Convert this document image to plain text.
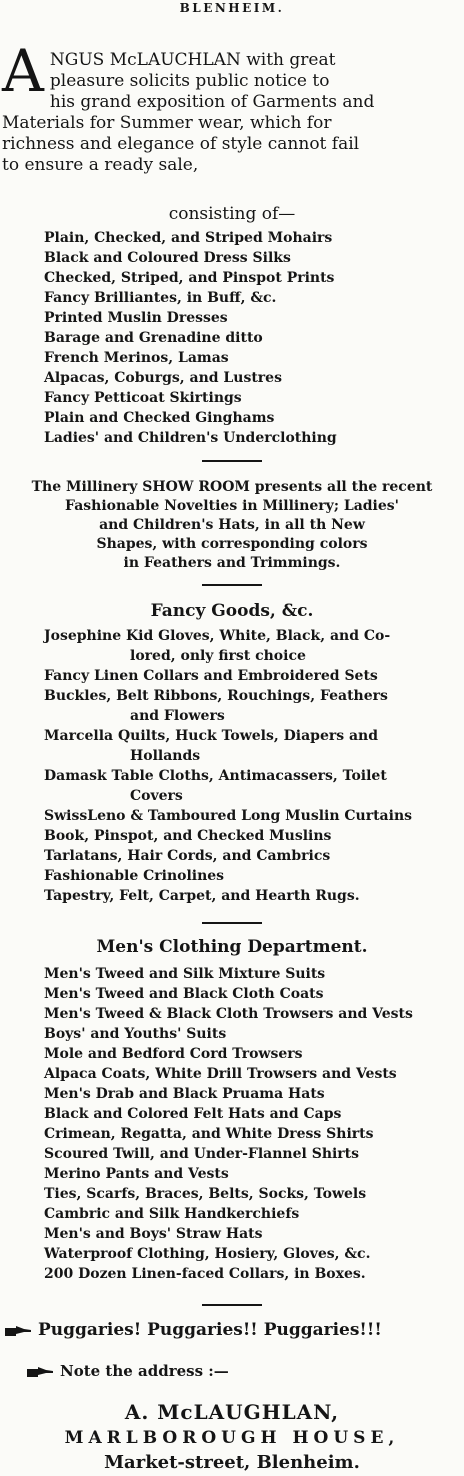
BLENHEIM.
A NGUS McLAUCHLAN with great
pleasure solicits public notice to
his grand exposition of Garments and
Materials for Summer wear, which for
richness and elegance of style cannot fail
to ensure a ready sale,
consisting of—
Plain, Checked, and Striped Mohairs
Black and Coloured Dress Silks
Checked, Striped, and Pinspot Prints
Fancy Brilliantes, in Buff, &c.
Printed Muslin Dresses
Barage and Grenadine ditto
French Merinos, Lamas
Alpacas, Coburgs, and Lustres
Fancy Petticoat Skirtings
Plain and Checked Ginghams
Ladies' and Children's Underclothing
The Millinery SHOW ROOM presents all the recent
Fashionable Novelties in Millinery; Ladies'
and Children's Hats, in all th New
Shapes, with corresponding colors
in Feathers and Trimmings.
Fancy Goods, &c.
Josephine Kid Gloves, White, Black, and Co-
lored, only first choice
Fancy Linen Collars and Embroidered Sets
Buckles, Belt Ribbons, Rouchings, Feathers
and Flowers
Marcella Quilts, Huck Towels, Diapers and
Hollands
Damask Table Cloths, Antimacassers, Toilet
Covers
SwissLeno & Tamboured Long Muslin Curtains
Book, Pinspot, and Checked Muslins
Tarlatans, Hair Cords, and Cambrics
Fashionable Crinolines
Tapestry, Felt, Carpet, and Hearth Rugs.
Men's Clothing Department.
Men's Tweed and Silk Mixture Suits
Men's Tweed and Black Cloth Coats
Men's Tweed & Black Cloth Trowsers and Vests
Boys' and Youths' Suits
Mole and Bedford Cord Trowsers
Alpaca Coats, White Drill Trowsers and Vests
Men's Drab and Black Pruama Hats
Black and Colored Felt Hats and Caps
Crimean, Regatta, and White Dress Shirts
Scoured Twill, and Under-Flannel Shirts
Merino Pants and Vests
Ties, Scarfs, Braces, Belts, Socks, Towels
Cambric and Silk Handkerchiefs
Men's and Boys' Straw Hats
Waterproof Clothing, Hosiery, Gloves, &c.
200 Dozen Linen-faced Collars, in Boxes.
Puggaries! Puggaries!! Puggaries!!!
Note the address :—
A. McLAUGHLAN,
MARLBOROUGH HOUSE,
Market-street, Blenheim.
